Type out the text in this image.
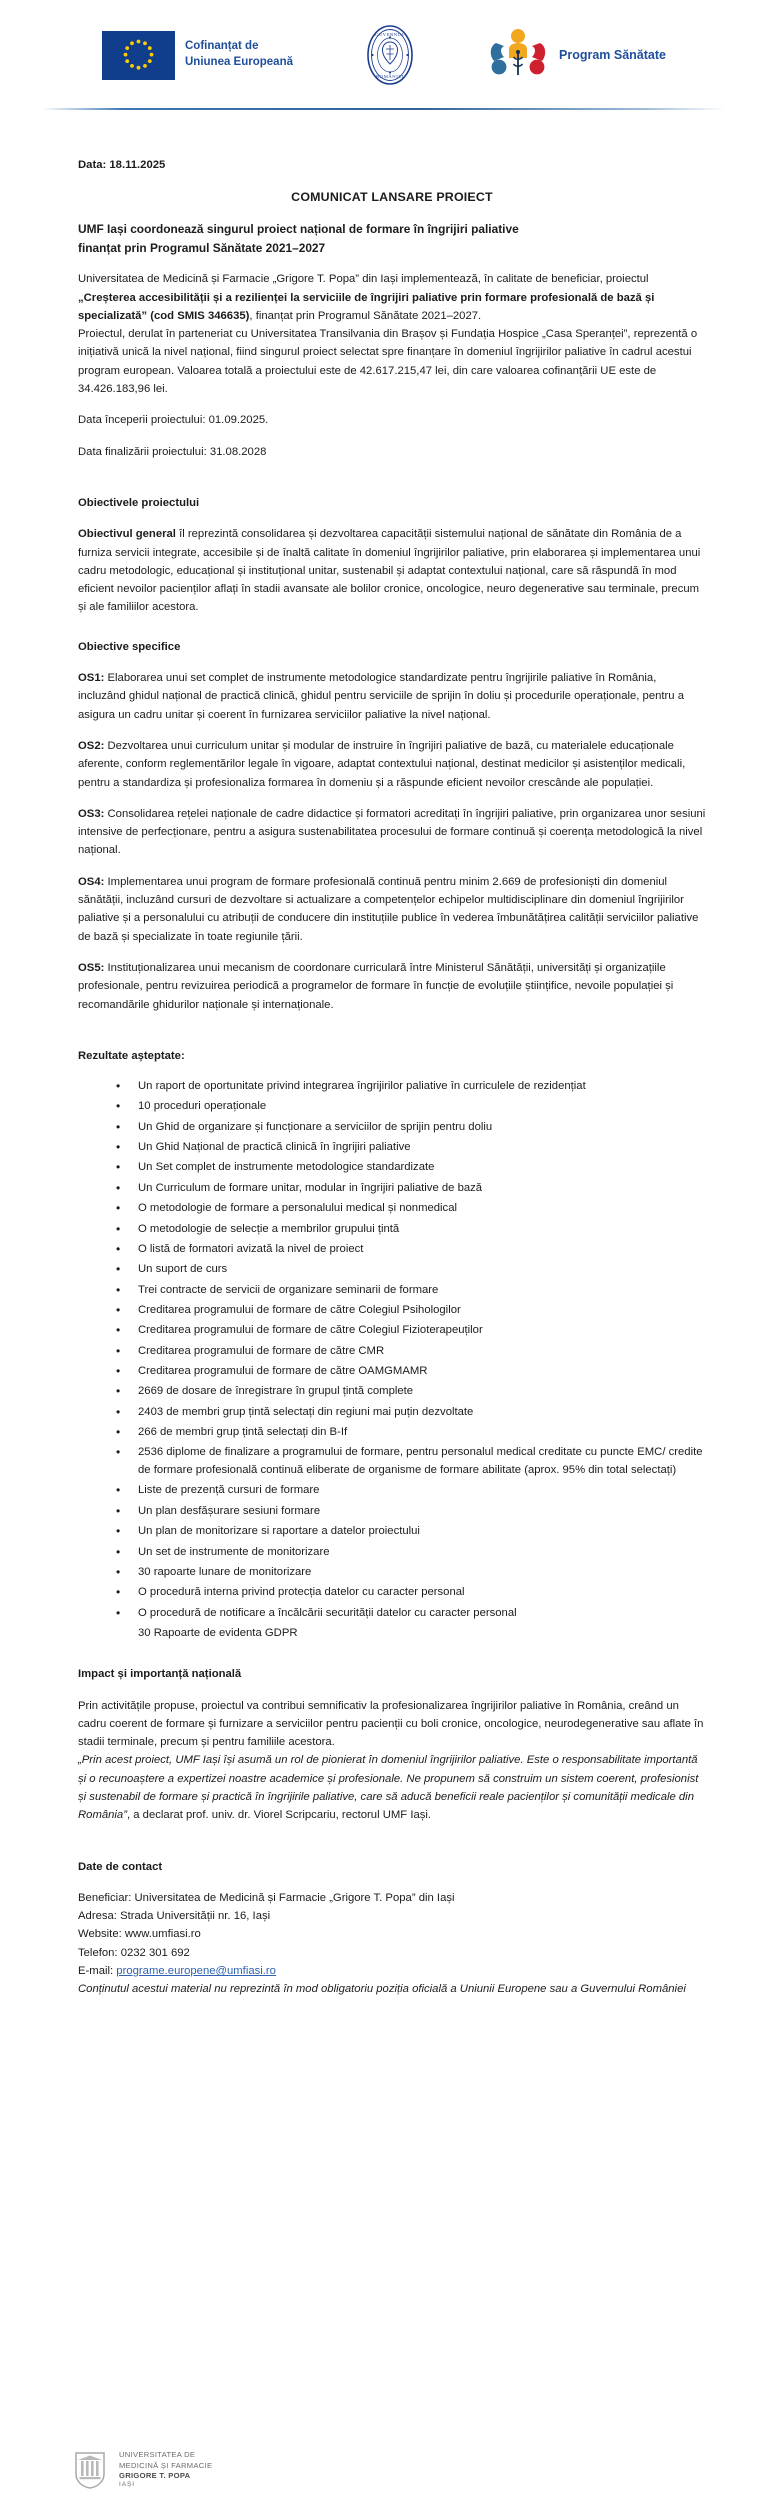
Cofinanțat de
Uniunea Europeană
GUVERNUL
ROMÂNIEI
Program Sănătate

Data: 18.11.2025

COMUNICAT LANSARE PROIECT

UMF Iași coordonează singurul proiect național de formare în îngrijiri paliative
finanțat prin Programul Sănătate 2021–2027

Universitatea de Medicină și Farmacie „Grigore T. Popa” din Iași implementează, în calitate de beneficiar, proiectul „Creșterea accesibilității și a rezilienței la serviciile de îngrijiri paliative prin formare profesională de bază și specializată” (cod SMIS 346635), finanțat prin Programul Sănătate 2021–2027.
Proiectul, derulat în parteneriat cu Universitatea Transilvania din Brașov și Fundația Hospice „Casa Speranței”, reprezentă o inițiativă unică la nivel național, fiind singurul proiect selectat spre finanțare în domeniul îngrijirilor paliative în cadrul acestui program european. Valoarea totală a proiectului este de 42.617.215,47 lei, din care valoarea cofinanțării UE este de 34.426.183,96 lei.

Data începerii proiectului: 01.09.2025.

Data finalizării proiectului: 31.08.2028

Obiectivele proiectului

Obiectivul general îl reprezintă consolidarea și dezvoltarea capacității sistemului național de sănătate din România de a furniza servicii integrate, accesibile și de înaltă calitate în domeniul îngrijirilor paliative, prin elaborarea și implementarea unui cadru metodologic, educațional și instituțional unitar, sustenabil și adaptat contextului național, care să răspundă în mod eficient nevoilor pacienților aflați în stadii avansate ale bolilor cronice, oncologice, neuro degenerative sau terminale, precum și ale familiilor acestora.

Obiective specifice

OS1: Elaborarea unui set complet de instrumente metodologice standardizate pentru îngrijirile paliative în România, incluzând ghidul național de practică clinică, ghidul pentru serviciile de sprijin în doliu și procedurile operaționale, pentru a asigura un cadru unitar și coerent în furnizarea serviciilor paliative la nivel național.

OS2: Dezvoltarea unui curriculum unitar și modular de instruire în îngrijiri paliative de bază, cu materialele educaționale aferente, conform reglementărilor legale în vigoare, adaptat contextului național, destinat medicilor și asistenților medicali, pentru a standardiza și profesionaliza formarea în domeniu și a răspunde eficient nevoilor crescânde ale populației.

OS3: Consolidarea rețelei naționale de cadre didactice și formatori acreditați în îngrijiri paliative, prin organizarea unor sesiuni intensive de perfecționare, pentru a asigura sustenabilitatea procesului de formare continuă și coerența metodologică la nivel național.

OS4: Implementarea unui program de formare profesională continuă pentru minim 2.669 de profesioniști din domeniul sănătății, incluzând cursuri de dezvoltare si actualizare a competențelor echipelor multidisciplinare din domeniul îngrijirilor paliative și a personalului cu atribuții de conducere din instituțiile publice în vederea îmbunătățirea calității serviciilor paliative de bază și specializate în toate regiunile țării.

OS5: Instituționalizarea unui mecanism de coordonare curriculară între Ministerul Sănătății, universități și organizațiile profesionale, pentru revizuirea periodică a programelor de formare în funcție de evoluțiile științifice, nevoile populației și recomandările ghidurilor naționale și internaționale.

Rezultate așteptate:

• Un raport de oportunitate privind integrarea îngrijirilor paliative în curriculele de rezidențiat
• 10 proceduri operaționale
• Un Ghid de organizare și funcționare a serviciilor de sprijin pentru doliu
• Un Ghid Național de practică clinică în îngrijiri paliative
• Un Set complet de instrumente metodologice standardizate
• Un Curriculum de formare unitar, modular in îngrijiri paliative de bază
• O metodologie de formare a personalului medical și nonmedical
• O metodologie de selecție a membrilor grupului țintă
• O listă de formatori avizată la nivel de proiect
• Un suport de curs
• Trei contracte de servicii de organizare seminarii de formare
• Creditarea programului de formare de către Colegiul Psihologilor
• Creditarea programului de formare de către Colegiul Fizioterapeuților
• Creditarea programului de formare de către CMR
• Creditarea programului de formare de către OAMGMAMR
• 2669 de dosare de înregistrare în grupul țintă complete
• 2403 de membri grup țintă selectați din regiuni mai puțin dezvoltate
• 266 de membri grup țintă selectați din B-If
• 2536 diplome de finalizare a programului de formare, pentru personalul medical creditate cu puncte EMC/ credite de formare profesională continuă eliberate de organisme de formare abilitate (aprox. 95% din total selectați)
• Liste de prezență cursuri de formare
• Un plan desfășurare sesiuni formare
• Un plan de monitorizare si raportare a datelor proiectului
• Un set de instrumente de monitorizare
• 30 rapoarte lunare de monitorizare
• O procedură interna privind protecția datelor cu caracter personal
• O procedură de notificare a încălcării securității datelor cu caracter personal
30 Rapoarte de evidenta GDPR

Impact și importanță națională

Prin activitățile propuse, proiectul va contribui semnificativ la profesionalizarea îngrijirilor paliative în România, creând un cadru coerent de formare și furnizare a serviciilor pentru pacienții cu boli cronice, oncologice, neurodegenerative sau aflate în stadii terminale, precum și pentru familiile acestora.
„Prin acest proiect, UMF Iași își asumă un rol de pionierat în domeniul îngrijirilor paliative. Este o responsabilitate importantă și o recunoaștere a expertizei noastre academice și profesionale. Ne propunem să construim un sistem coerent, profesionist și sustenabil de formare și practică în îngrijirile paliative, care să aducă beneficii reale pacienților și comunității medicale din România”, a declarat prof. univ. dr. Viorel Scripcariu, rectorul UMF Iași.

Date de contact

Beneficiar: Universitatea de Medicină și Farmacie „Grigore T. Popa” din Iași
Adresa: Strada Universității nr. 16, Iași
Website: www.umfiasi.ro
Telefon: 0232 301 692
E-mail: programe.europene@umfiasi.ro

Conținutul acestui material nu reprezintă în mod obligatoriu poziția oficială a Uniunii Europene sau a Guvernului României

UNIVERSITATEA DE
MEDICINĂ ȘI FARMACIE
GRIGORE T. POPA
IAȘI
